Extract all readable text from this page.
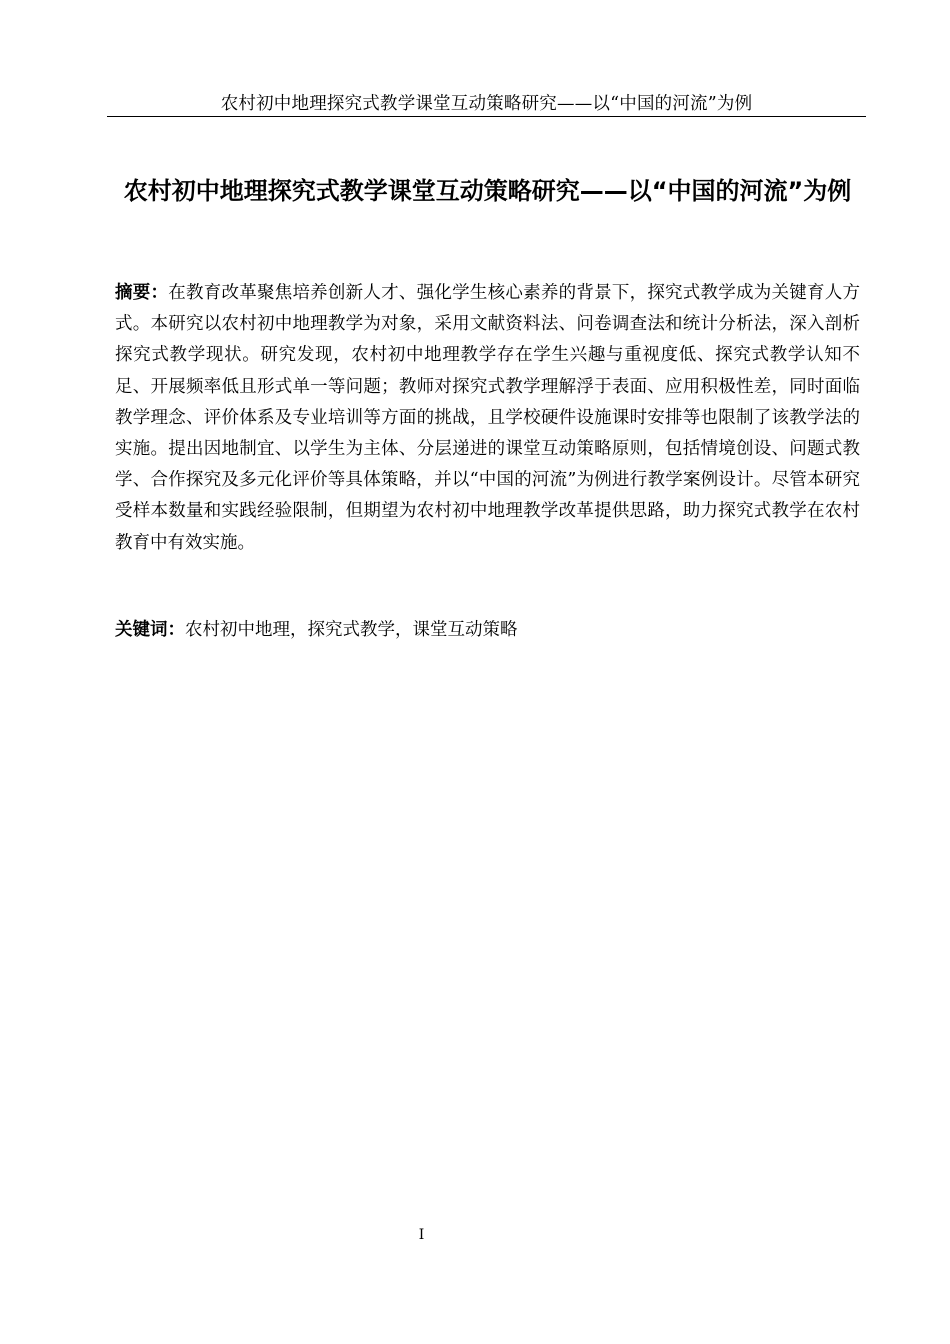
农村初中地理探究式教学课堂互动策略研究——以“中国的河流”为例
农村初中地理探究式教学课堂互动策略研究——以“中国的河流”为例

摘要：在教育改革聚焦培养创新人才、强化学生核心素养的背景下，探究式教学成为关键育人方式。本研究以农村初中地理教学为对象，采用文献资料法、问卷调查法和统计分析法，深入剖析探究式教学现状。研究发现，农村初中地理教学存在学生兴趣与重视度低、探究式教学认知不足、开展频率低且形式单一等问题；教师对探究式教学理解浮于表面、应用积极性差，同时面临教学理念、评价体系及专业培训等方面的挑战，且学校硬件设施课时安排等也限制了该教学法的实施。提出因地制宜、以学生为主体、分层递进的课堂互动策略原则，包括情境创设、问题式教学、合作探究及多元化评价等具体策略，并以“中国的河流”为例进行教学案例设计。尽管本研究受样本数量和实践经验限制，但期望为农村初中地理教学改革提供思路，助力探究式教学在农村教育中有效实施。

关键词：农村初中地理，探究式教学，课堂互动策略

I
